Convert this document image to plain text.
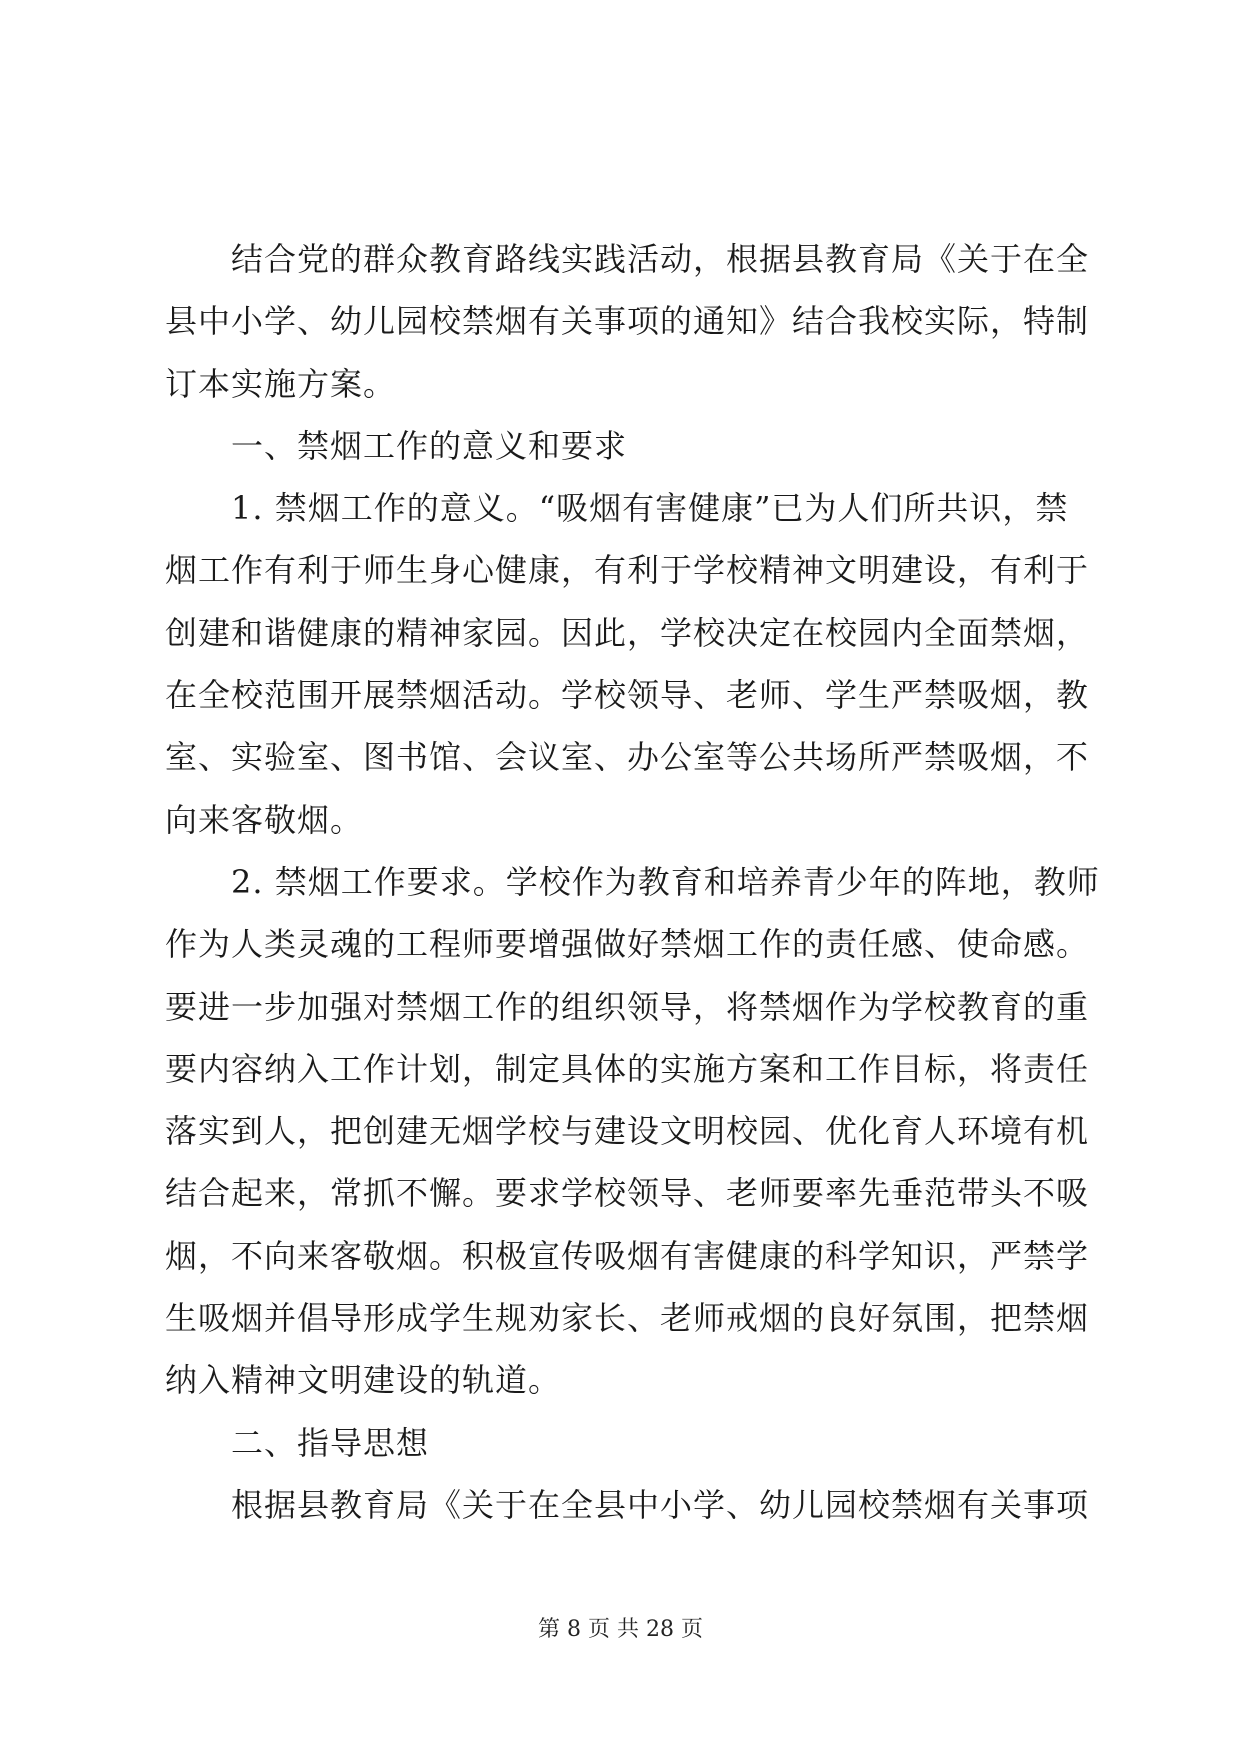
结合党的群众教育路线实践活动，根据县教育局《关于在全
县中小学、幼儿园校禁烟有关事项的通知》结合我校实际，特制
订本实施方案。
一、禁烟工作的意义和要求
1. 禁烟工作的意义。“吸烟有害健康”已为人们所共识，禁
烟工作有利于师生身心健康，有利于学校精神文明建设，有利于
创建和谐健康的精神家园。因此，学校决定在校园内全面禁烟，
在全校范围开展禁烟活动。学校领导、老师、学生严禁吸烟，教
室、实验室、图书馆、会议室、办公室等公共场所严禁吸烟，不
向来客敬烟。
2. 禁烟工作要求。学校作为教育和培养青少年的阵地，教师
作为人类灵魂的工程师要增强做好禁烟工作的责任感、使命感。
要进一步加强对禁烟工作的组织领导，将禁烟作为学校教育的重
要内容纳入工作计划，制定具体的实施方案和工作目标，将责任
落实到人，把创建无烟学校与建设文明校园、优化育人环境有机
结合起来，常抓不懈。要求学校领导、老师要率先垂范带头不吸
烟，不向来客敬烟。积极宣传吸烟有害健康的科学知识，严禁学
生吸烟并倡导形成学生规劝家长、老师戒烟的良好氛围，把禁烟
纳入精神文明建设的轨道。
二、指导思想
根据县教育局《关于在全县中小学、幼儿园校禁烟有关事项
第 8 页 共 28 页
